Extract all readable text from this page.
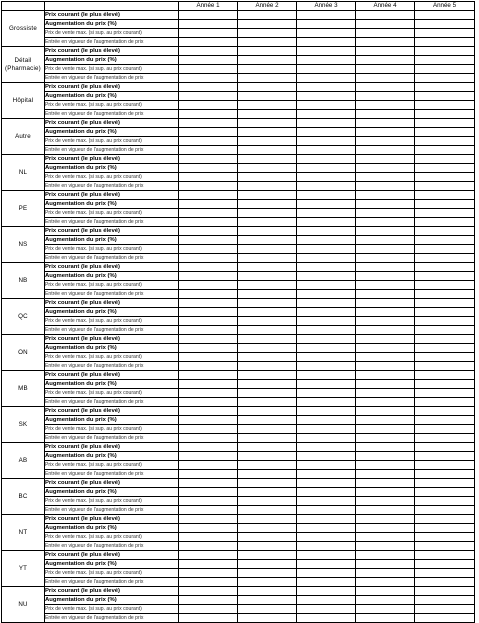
		Année 1	Année 2	Année 3	Année 4	Année 5

Grossiste	Prix courant (le plus élevé)					
	Augmentation du prix (%)					
	Prix de vente max. (si sup. au prix courant)					
	Entrée en vigueur de l'augmentation de prix					

Détail
(Pharmacie)	Prix courant (le plus élevé)					
	Augmentation du prix (%)					
	Prix de vente max. (si sup. au prix courant)					
	Entrée en vigueur de l'augmentation de prix					

Hôpital	Prix courant (le plus élevé)					
	Augmentation du prix (%)					
	Prix de vente max. (si sup. au prix courant)					
	Entrée en vigueur de l'augmentation de prix					

Autre	Prix courant (le plus élevé)					
	Augmentation du prix (%)					
	Prix de vente max. (si sup. au prix courant)					
	Entrée en vigueur de l'augmentation de prix					

NL	Prix courant (le plus élevé)					
	Augmentation du prix (%)					
	Prix de vente max. (si sup. au prix courant)					
	Entrée en vigueur de l'augmentation de prix					

PE	Prix courant (le plus élevé)					
	Augmentation du prix (%)					
	Prix de vente max. (si sup. au prix courant)					
	Entrée en vigueur de l'augmentation de prix					

NS	Prix courant (le plus élevé)					
	Augmentation du prix (%)					
	Prix de vente max. (si sup. au prix courant)					
	Entrée en vigueur de l'augmentation de prix					

NB	Prix courant (le plus élevé)					
	Augmentation du prix (%)					
	Prix de vente max. (si sup. au prix courant)					
	Entrée en vigueur de l'augmentation de prix					

QC	Prix courant (le plus élevé)					
	Augmentation du prix (%)					
	Prix de vente max. (si sup. au prix courant)					
	Entrée en vigueur de l'augmentation de prix					

ON	Prix courant (le plus élevé)					
	Augmentation du prix (%)					
	Prix de vente max. (si sup. au prix courant)					
	Entrée en vigueur de l'augmentation de prix					

MB	Prix courant (le plus élevé)					
	Augmentation du prix (%)					
	Prix de vente max. (si sup. au prix courant)					
	Entrée en vigueur de l'augmentation de prix					

SK	Prix courant (le plus élevé)					
	Augmentation du prix (%)					
	Prix de vente max. (si sup. au prix courant)					
	Entrée en vigueur de l'augmentation de prix					

AB	Prix courant (le plus élevé)					
	Augmentation du prix (%)					
	Prix de vente max. (si sup. au prix courant)					
	Entrée en vigueur de l'augmentation de prix					

BC	Prix courant (le plus élevé)					
	Augmentation du prix (%)					
	Prix de vente max. (si sup. au prix courant)					
	Entrée en vigueur de l'augmentation de prix					

NT	Prix courant (le plus élevé)					
	Augmentation du prix (%)					
	Prix de vente max. (si sup. au prix courant)					
	Entrée en vigueur de l'augmentation de prix					

YT	Prix courant (le plus élevé)					
	Augmentation du prix (%)					
	Prix de vente max. (si sup. au prix courant)					
	Entrée en vigueur de l'augmentation de prix					

NU	Prix courant (le plus élevé)					
	Augmentation du prix (%)					
	Prix de vente max. (si sup. au prix courant)					
	Entrée en vigueur de l'augmentation de prix					
